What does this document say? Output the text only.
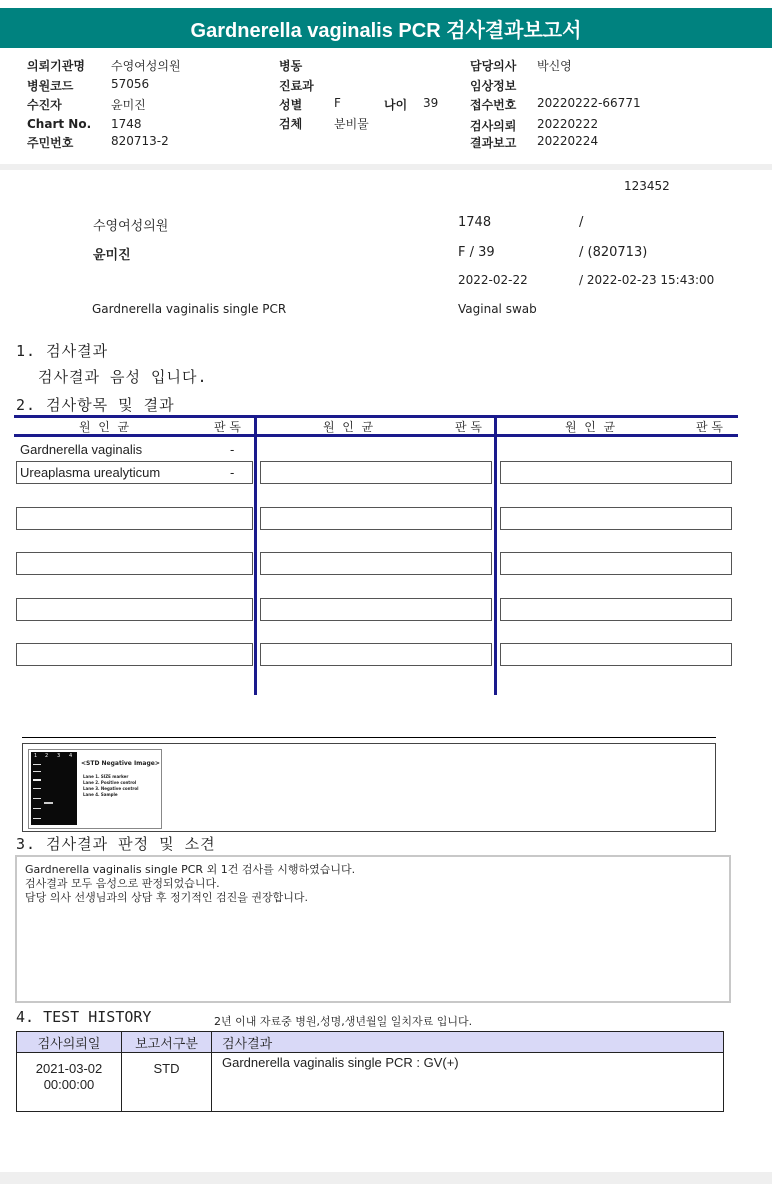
Gardnerella vaginalis PCR 검사결과보고서
의뢰기관명 수영여성의원
병원코드	57056
수진자	윤미진
Chart No. 1748
주민번호	820713-2
병동
진료과
성별	F	나이 39
검체	분비물
담당의사 박신영
임상정보
접수번호 20220222-66771
검사의뢰 20220222
결과보고 20220224
123452
수영여성의원	1748	/
윤미진	F / 39	/ (820713)
2022-02-22	/ 2022-02-23 15:43:00
Gardnerella vaginalis single PCR	Vaginal swab
1. 검사결과
검사결과 음성 입니다.
2. 검사항목 및 결과
원  인  균	판 독	원  인  균	판 독	원  인  균	판 독
Gardnerella vaginalis	-
Ureaplasma urealyticum	-
1 2 3 4
<STD Negative Image>
Lane 1. SIZE marker
Lane 2. Positive control
Lane 3. Negative control
Lane 4. Sample
3. 검사결과 판정 및 소견
Gardnerella vaginalis single PCR 외 1건 검사를 시행하였습니다.
검사결과 모두 음성으로 판정되었습니다.
담당 의사 선생님과의 상담 후 정기적인 검진을 권장합니다.
4. TEST HISTORY	2년 이내 자료중 병원,성명,생년월일 일치자료 입니다.
검사의뢰일	보고서구분	검사결과

2021-03-02
00:00:00	STD	Gardnerella vaginalis single PCR : GV(+)
